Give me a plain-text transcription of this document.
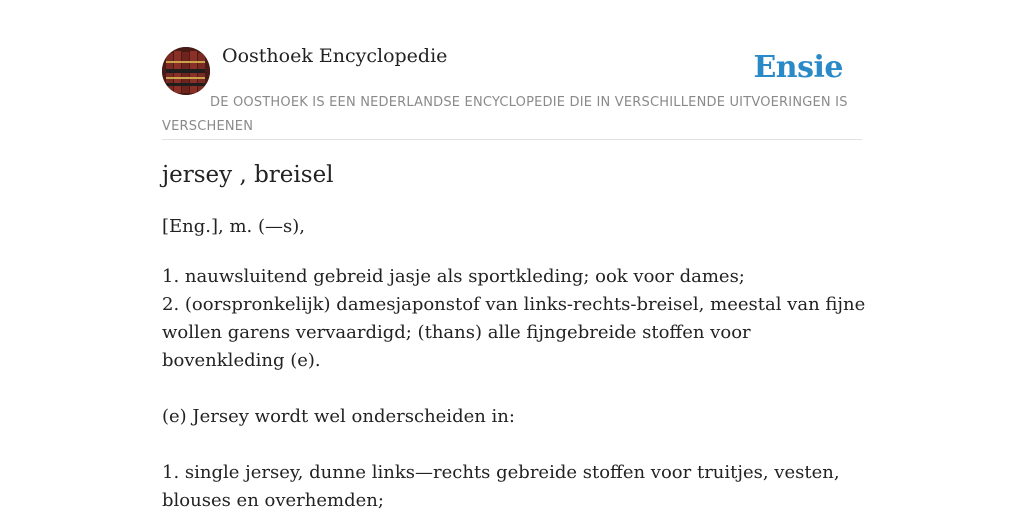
Oosthoek Encyclopedie	Ensie
DE OOSTHOEK IS EEN NEDERLANDSE ENCYCLOPEDIE DIE IN VERSCHILLENDE UITVOERINGEN IS VERSCHENEN
jersey , breisel
[Eng.], m. (—s),

1. nauwsluitend gebreid jasje als sportkleding; ook voor dames;

2. (oorspronkelijk) damesjaponstof van links-rechts-breisel, meestal van fijne wollen garens vervaardigd; (thans) alle fijngebreide stoffen voor bovenkleding (e).

(e) Jersey wordt wel onderscheiden in:

1. single jersey, dunne links—rechts gebreide stoffen voor truitjes, vesten, blouses en overhemden;
